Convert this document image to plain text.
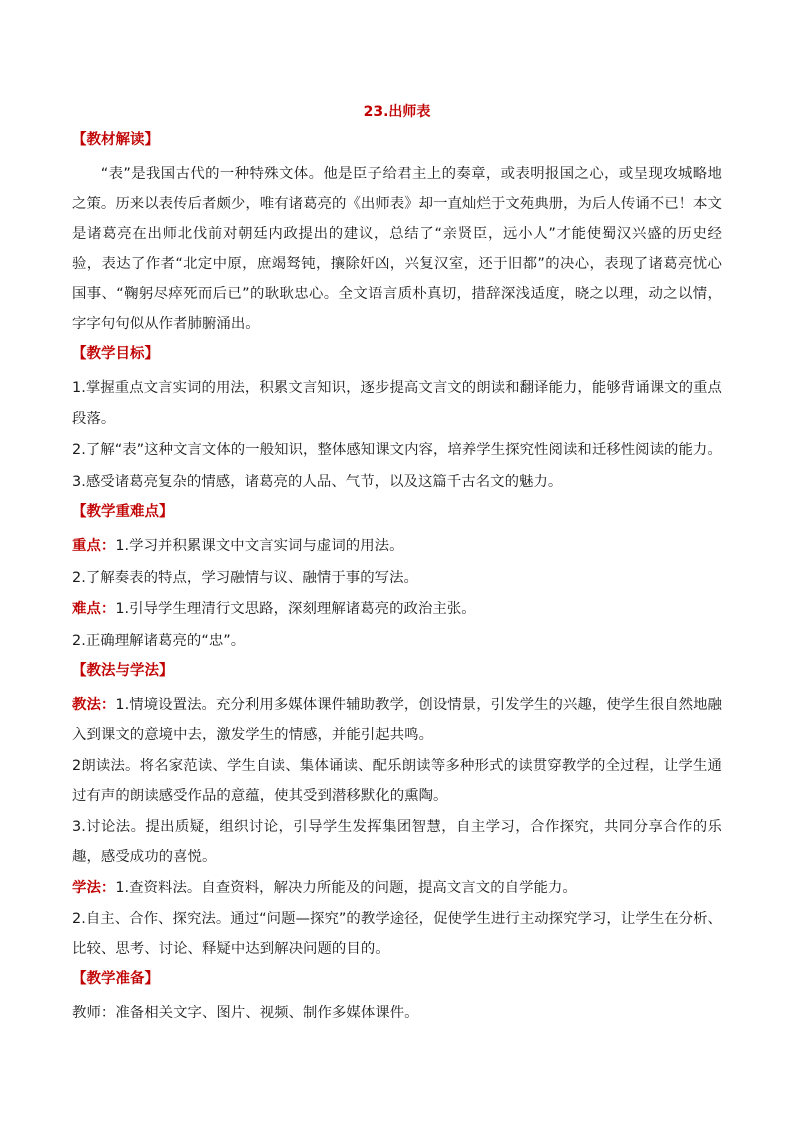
23.出师表
【教材解读】

“表”是我国古代的一种特殊文体。他是臣子给君主上的奏章，或表明报国之心，或呈现攻城略地之策。历来以表传后者颇少，唯有诸葛亮的《出师表》却一直灿烂于文苑典册，为后人传诵不已！本文是诸葛亮在出师北伐前对朝廷内政提出的建议，总结了“亲贤臣，远小人”才能使蜀汉兴盛的历史经验，表达了作者“北定中原，庶竭驽钝，攘除奸凶，兴复汉室，还于旧都”的决心，表现了诸葛亮忧心国事、“鞠躬尽瘁死而后已”的耿耿忠心。全文语言质朴真切，措辞深浅适度，晓之以理，动之以情，字字句句似从作者肺腑涌出。

【教学目标】

1.掌握重点文言实词的用法，积累文言知识，逐步提高文言文的朗读和翻译能力，能够背诵课文的重点段落。

2.了解“表”这种文言文体的一般知识，整体感知课文内容，培养学生探究性阅读和迁移性阅读的能力。

3.感受诸葛亮复杂的情感，诸葛亮的人品、气节，以及这篇千古名文的魅力。

【教学重难点】

重点：1.学习并积累课文中文言实词与虚词的用法。

2.了解奏表的特点，学习融情与议、融情于事的写法。

难点：1.引导学生理清行文思路，深刻理解诸葛亮的政治主张。

2.正确理解诸葛亮的“忠”。

【教法与学法】

教法：1.情境设置法。充分利用多媒体课件辅助教学，创设情景，引发学生的兴趣，使学生很自然地融入到课文的意境中去，激发学生的情感，并能引起共鸣。

2朗读法。将名家范读、学生自读、集体诵读、配乐朗读等多种形式的读贯穿教学的全过程，让学生通过有声的朗读感受作品的意蕴，使其受到潜移默化的熏陶。

3.讨论法。提出质疑，组织讨论，引导学生发挥集团智慧，自主学习，合作探究，共同分享合作的乐趣，感受成功的喜悦。

学法：1.查资料法。自查资料，解决力所能及的问题，提高文言文的自学能力。

2.自主、合作、探究法。通过“问题—探究”的教学途径，促使学生进行主动探究学习，让学生在分析、比较、思考、讨论、释疑中达到解决问题的目的。

【教学准备】

教师：准备相关文字、图片、视频、制作多媒体课件。
